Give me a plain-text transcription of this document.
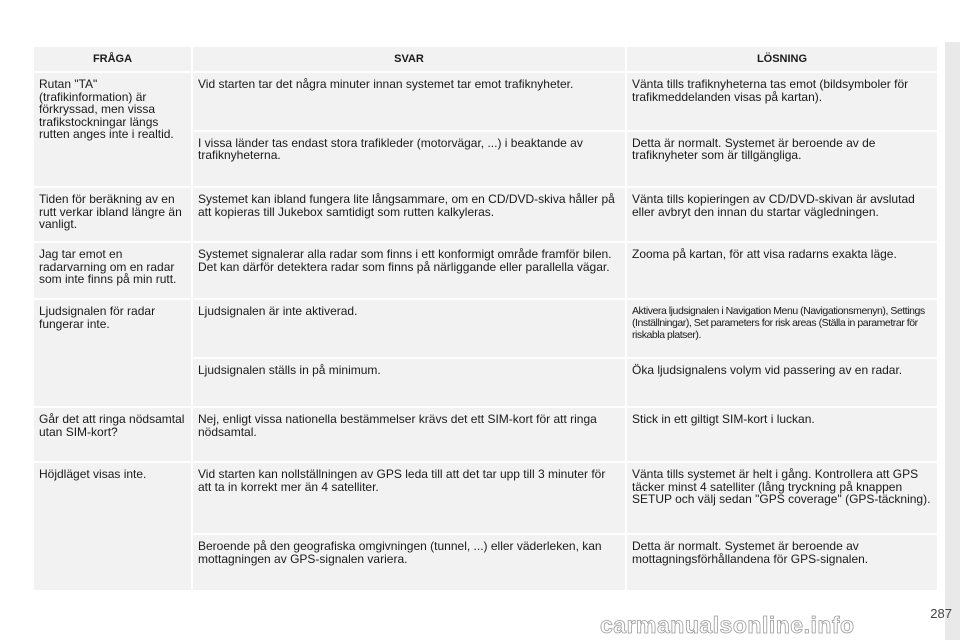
FRÅGA	SVAR	LÖSNING
Rutan "TA" (trafikinformation) är förkryssad, men vissa trafikstockningar längs rutten anges inte i realtid.	Vid starten tar det några minuter innan systemet tar emot trafiknyheter.	Vänta tills trafiknyheterna tas emot (bildsymboler för trafikmeddelanden visas på kartan).
	I vissa länder tas endast stora trafikleder (motorvägar, ...) i beaktande av trafiknyheterna.	Detta är normalt. Systemet är beroende av de trafiknyheter som är tillgängliga.
Tiden för beräkning av en rutt verkar ibland längre än vanligt.	Systemet kan ibland fungera lite långsammare, om en CD/DVD-skiva håller på att kopieras till Jukebox samtidigt som rutten kalkyleras.	Vänta tills kopieringen av CD/DVD-skivan är avslutad eller avbryt den innan du startar vägledningen.
Jag tar emot en radarvarning om en radar som inte finns på min rutt.	Systemet signalerar alla radar som finns i ett konformigt område framför bilen. Det kan därför detektera radar som finns på närliggande eller parallella vägar.	Zooma på kartan, för att visa radarns exakta läge.
Ljudsignalen för radar fungerar inte.	Ljudsignalen är inte aktiverad.	Aktivera ljudsignalen i Navigation Menu (Navigationsmenyn), Settings (Inställningar), Set parameters for risk areas (Ställa in parametrar för riskabla platser).
	Ljudsignalen ställs in på minimum.	Öka ljudsignalens volym vid passering av en radar.
Går det att ringa nödsamtal utan SIM-kort?	Nej, enligt vissa nationella bestämmelser krävs det ett SIM-kort för att ringa nödsamtal.	Stick in ett giltigt SIM-kort i luckan.
Höjdläget visas inte.	Vid starten kan nollställningen av GPS leda till att det tar upp till 3 minuter för att ta in korrekt mer än 4 satelliter.	Vänta tills systemet är helt i gång. Kontrollera att GPS täcker minst 4 satelliter (lång tryckning på knappen SETUP och välj sedan "GPS coverage" (GPS-täckning).
	Beroende på den geografiska omgivningen (tunnel, ...) eller väderleken, kan mottagningen av GPS-signalen variera.	Detta är normalt. Systemet är beroende av mottagningsförhållandena för GPS-signalen.
carmanualsonline.info	287
